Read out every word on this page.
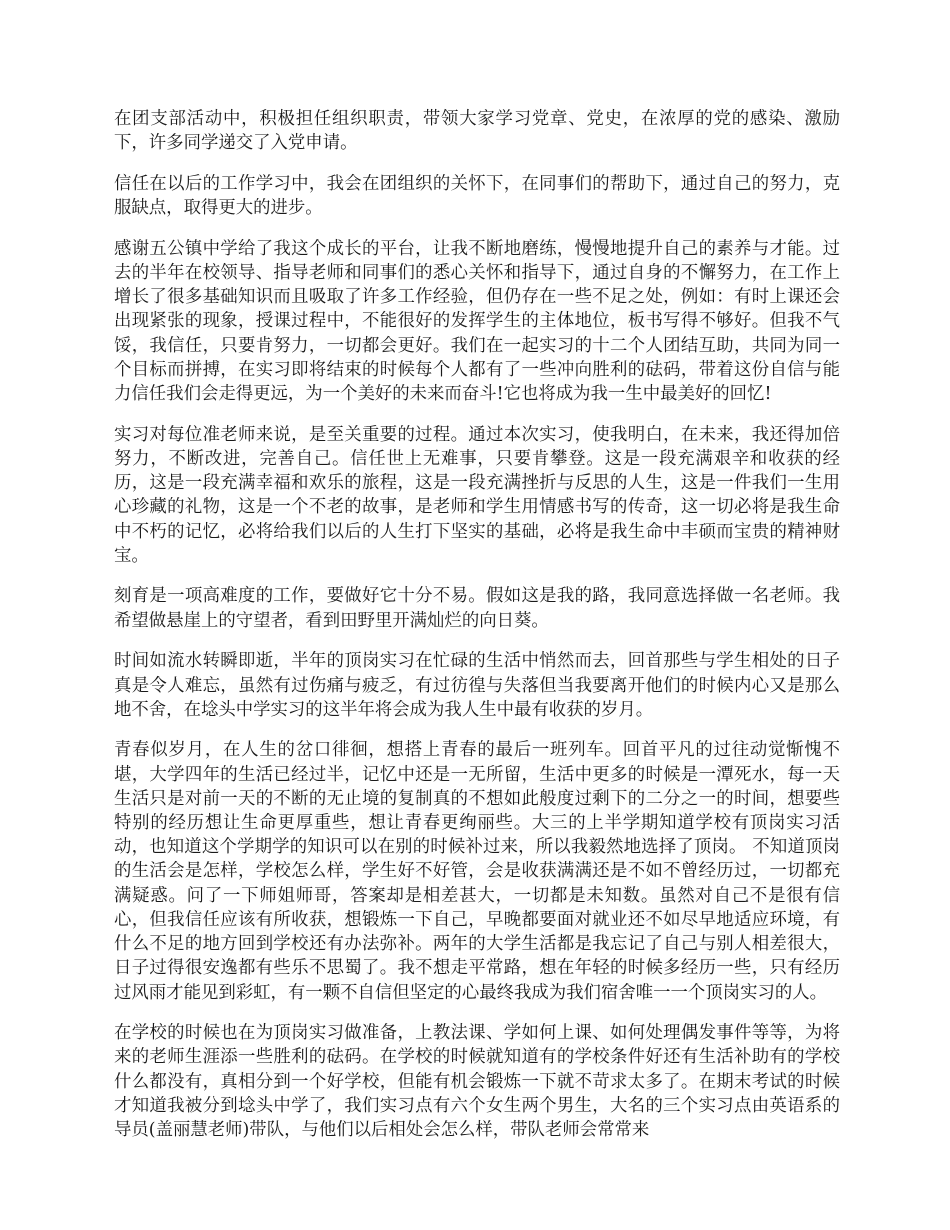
在团支部活动中，积极担任组织职责，带领大家学习党章、党史，在浓厚的党的感染、激励下，许多同学递交了入党申请。

信任在以后的工作学习中，我会在团组织的关怀下，在同事们的帮助下，通过自己的努力，克服缺点，取得更大的进步。

感谢五公镇中学给了我这个成长的平台，让我不断地磨练，慢慢地提升自己的素养与才能。过去的半年在校领导、指导老师和同事们的悉心关怀和指导下，通过自身的不懈努力，在工作上增长了很多基础知识而且吸取了许多工作经验，但仍存在一些不足之处，例如：有时上课还会出现紧张的现象，授课过程中，不能很好的发挥学生的主体地位，板书写得不够好。但我不气馁，我信任，只要肯努力，一切都会更好。我们在一起实习的十二个人团结互助，共同为同一个目标而拼搏，在实习即将结束的时候每个人都有了一些冲向胜利的砝码，带着这份自信与能力信任我们会走得更远，为一个美好的未来而奋斗!它也将成为我一生中最美好的回忆!

实习对每位准老师来说，是至关重要的过程。通过本次实习，使我明白，在未来，我还得加倍努力，不断改进，完善自己。信任世上无难事，只要肯攀登。这是一段充满艰辛和收获的经历，这是一段充满幸福和欢乐的旅程，这是一段充满挫折与反思的人生，这是一件我们一生用心珍藏的礼物，这是一个不老的故事，是老师和学生用情感书写的传奇，这一切必将是我生命中不朽的记忆，必将给我们以后的人生打下坚实的基础，必将是我生命中丰硕而宝贵的精神财宝。

刻育是一项高难度的工作，要做好它十分不易。假如这是我的路，我同意选择做一名老师。我希望做悬崖上的守望者，看到田野里开满灿烂的向日葵。

时间如流水转瞬即逝，半年的顶岗实习在忙碌的生活中悄然而去，回首那些与学生相处的日子真是令人难忘，虽然有过伤痛与疲乏，有过彷徨与失落但当我要离开他们的时候内心又是那么地不舍，在埝头中学实习的这半年将会成为我人生中最有收获的岁月。

青春似岁月，在人生的岔口徘徊，想搭上青春的最后一班列车。回首平凡的过往动觉惭愧不堪，大学四年的生活已经过半，记忆中还是一无所留，生活中更多的时候是一潭死水，每一天生活只是对前一天的不断的无止境的复制真的不想如此般度过剩下的二分之一的时间，想要些特别的经历想让生命更厚重些，想让青春更绚丽些。大三的上半学期知道学校有顶岗实习活动，也知道这个学期学的知识可以在别的时候补过来，所以我毅然地选择了顶岗。 不知道顶岗的生活会是怎样，学校怎么样，学生好不好管，会是收获满满还是不如不曾经历过，一切都充满疑惑。问了一下师姐师哥，答案却是相差甚大，一切都是未知数。虽然对自己不是很有信心，但我信任应该有所收获，想锻炼一下自己，早晚都要面对就业还不如尽早地适应环境，有什么不足的地方回到学校还有办法弥补。两年的大学生活都是我忘记了自己与别人相差很大，日子过得很安逸都有些乐不思蜀了。我不想走平常路，想在年轻的时候多经历一些，只有经历过风雨才能见到彩虹，有一颗不自信但坚定的心最终我成为我们宿舍唯一一个顶岗实习的人。

在学校的时候也在为顶岗实习做准备，上教法课、学如何上课、如何处理偶发事件等等，为将来的老师生涯添一些胜利的砝码。在学校的时候就知道有的学校条件好还有生活补助有的学校什么都没有，真相分到一个好学校，但能有机会锻炼一下就不苛求太多了。在期末考试的时候才知道我被分到埝头中学了，我们实习点有六个女生两个男生，大名的三个实习点由英语系的导员(盖丽慧老师)带队，与他们以后相处会怎么样，带队老师会常常来
